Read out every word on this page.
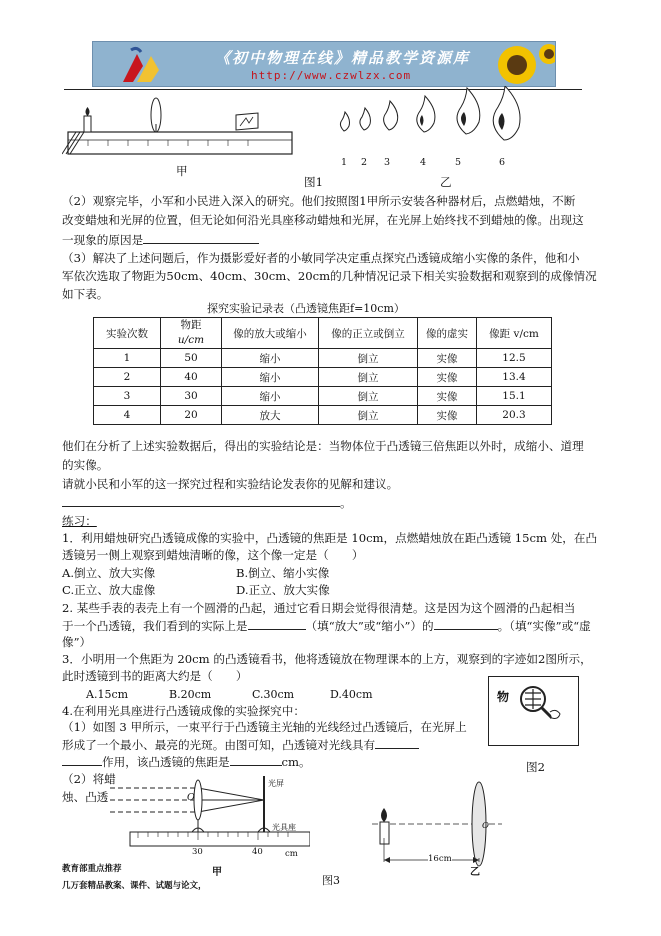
《初中物理在线》精品教学资源库
http://www.czwlzx.com
甲
1 2 3	4	5	6
图1	乙
（2）观察完毕，小军和小民进入深入的研究。他们按照图1甲所示安装各种器材后，点燃蜡烛，不断
改变蜡烛和光屏的位置，但无论如何沿光具座移动蜡烛和光屏，在光屏上始终找不到蜡烛的像。出现这
一现象的原因是
（3）解决了上述问题后，作为摄影爱好者的小敏同学决定重点探究凸透镜成缩小实像的条件，他和小
军依次选取了物距为50cm、40cm、30cm、20cm的几种情况记录下相关实验数据和观察到的成像情况
如下表。
探究实验记录表（凸透镜焦距f=10cm）
实验次数	物距
u/cm	像的放大或缩小	像的正立或倒立	像的虚实	像距 v/cm
1	50	缩小	倒立	实像	12.5
2	40	缩小	倒立	实像	13.4
3	30	缩小	倒立	实像	15.1
4	20	放大	倒立	实像	20.3
他们在分析了上述实验数据后，得出的实验结论是：当物体位于凸透镜三倍焦距以外时，成缩小、道理
的实像。
请就小民和小军的这一探究过程和实验结论发表你的见解和建议。
。
练习：
1．利用蜡烛研究凸透镜成像的实验中，凸透镜的焦距是 10cm，点燃蜡烛放在距凸透镜 15cm 处，在凸
透镜另一侧上观察到蜡烛清晰的像，这个像一定是（　　）
A.倒立、放大实像	B.倒立、缩小实像
C.正立、放大虚像	D.正立、放大实像
2. 某些手表的表壳上有一个圆滑的凸起，通过它看日期会觉得很清楚。这是因为这个圆滑的凸起相当
于一个凸透镜，我们看到的实际上是	（填“放大”或“缩小”）的	。（填“实像”或“虚
像”）
3．小明用一个焦距为 20cm 的凸透镜看书，他将透镜放在物理课本的上方，观察到的字迹如2图所示，
此时透镜到书的距离大约是（　　）
A.15cm	B.20cm	C.30cm	D.40cm	物
图2
4.在利用光具座进行凸透镜成像的实验探究中：
（1）如图 3 甲所示，一束平行于凸透镜主光轴的光线经过凸透镜后，在光屏上
形成了一个最小、最亮的光斑。由图可知，凸透镜对光线具有
作用，该凸透镜的焦距是	cm。
（2）将蜡
烛、凸透	O
光屏
光具座
30	40	cm
甲
O
16cm
乙
教育部重点推荐
几万套精品教案、课件、试题与论文，	图3
